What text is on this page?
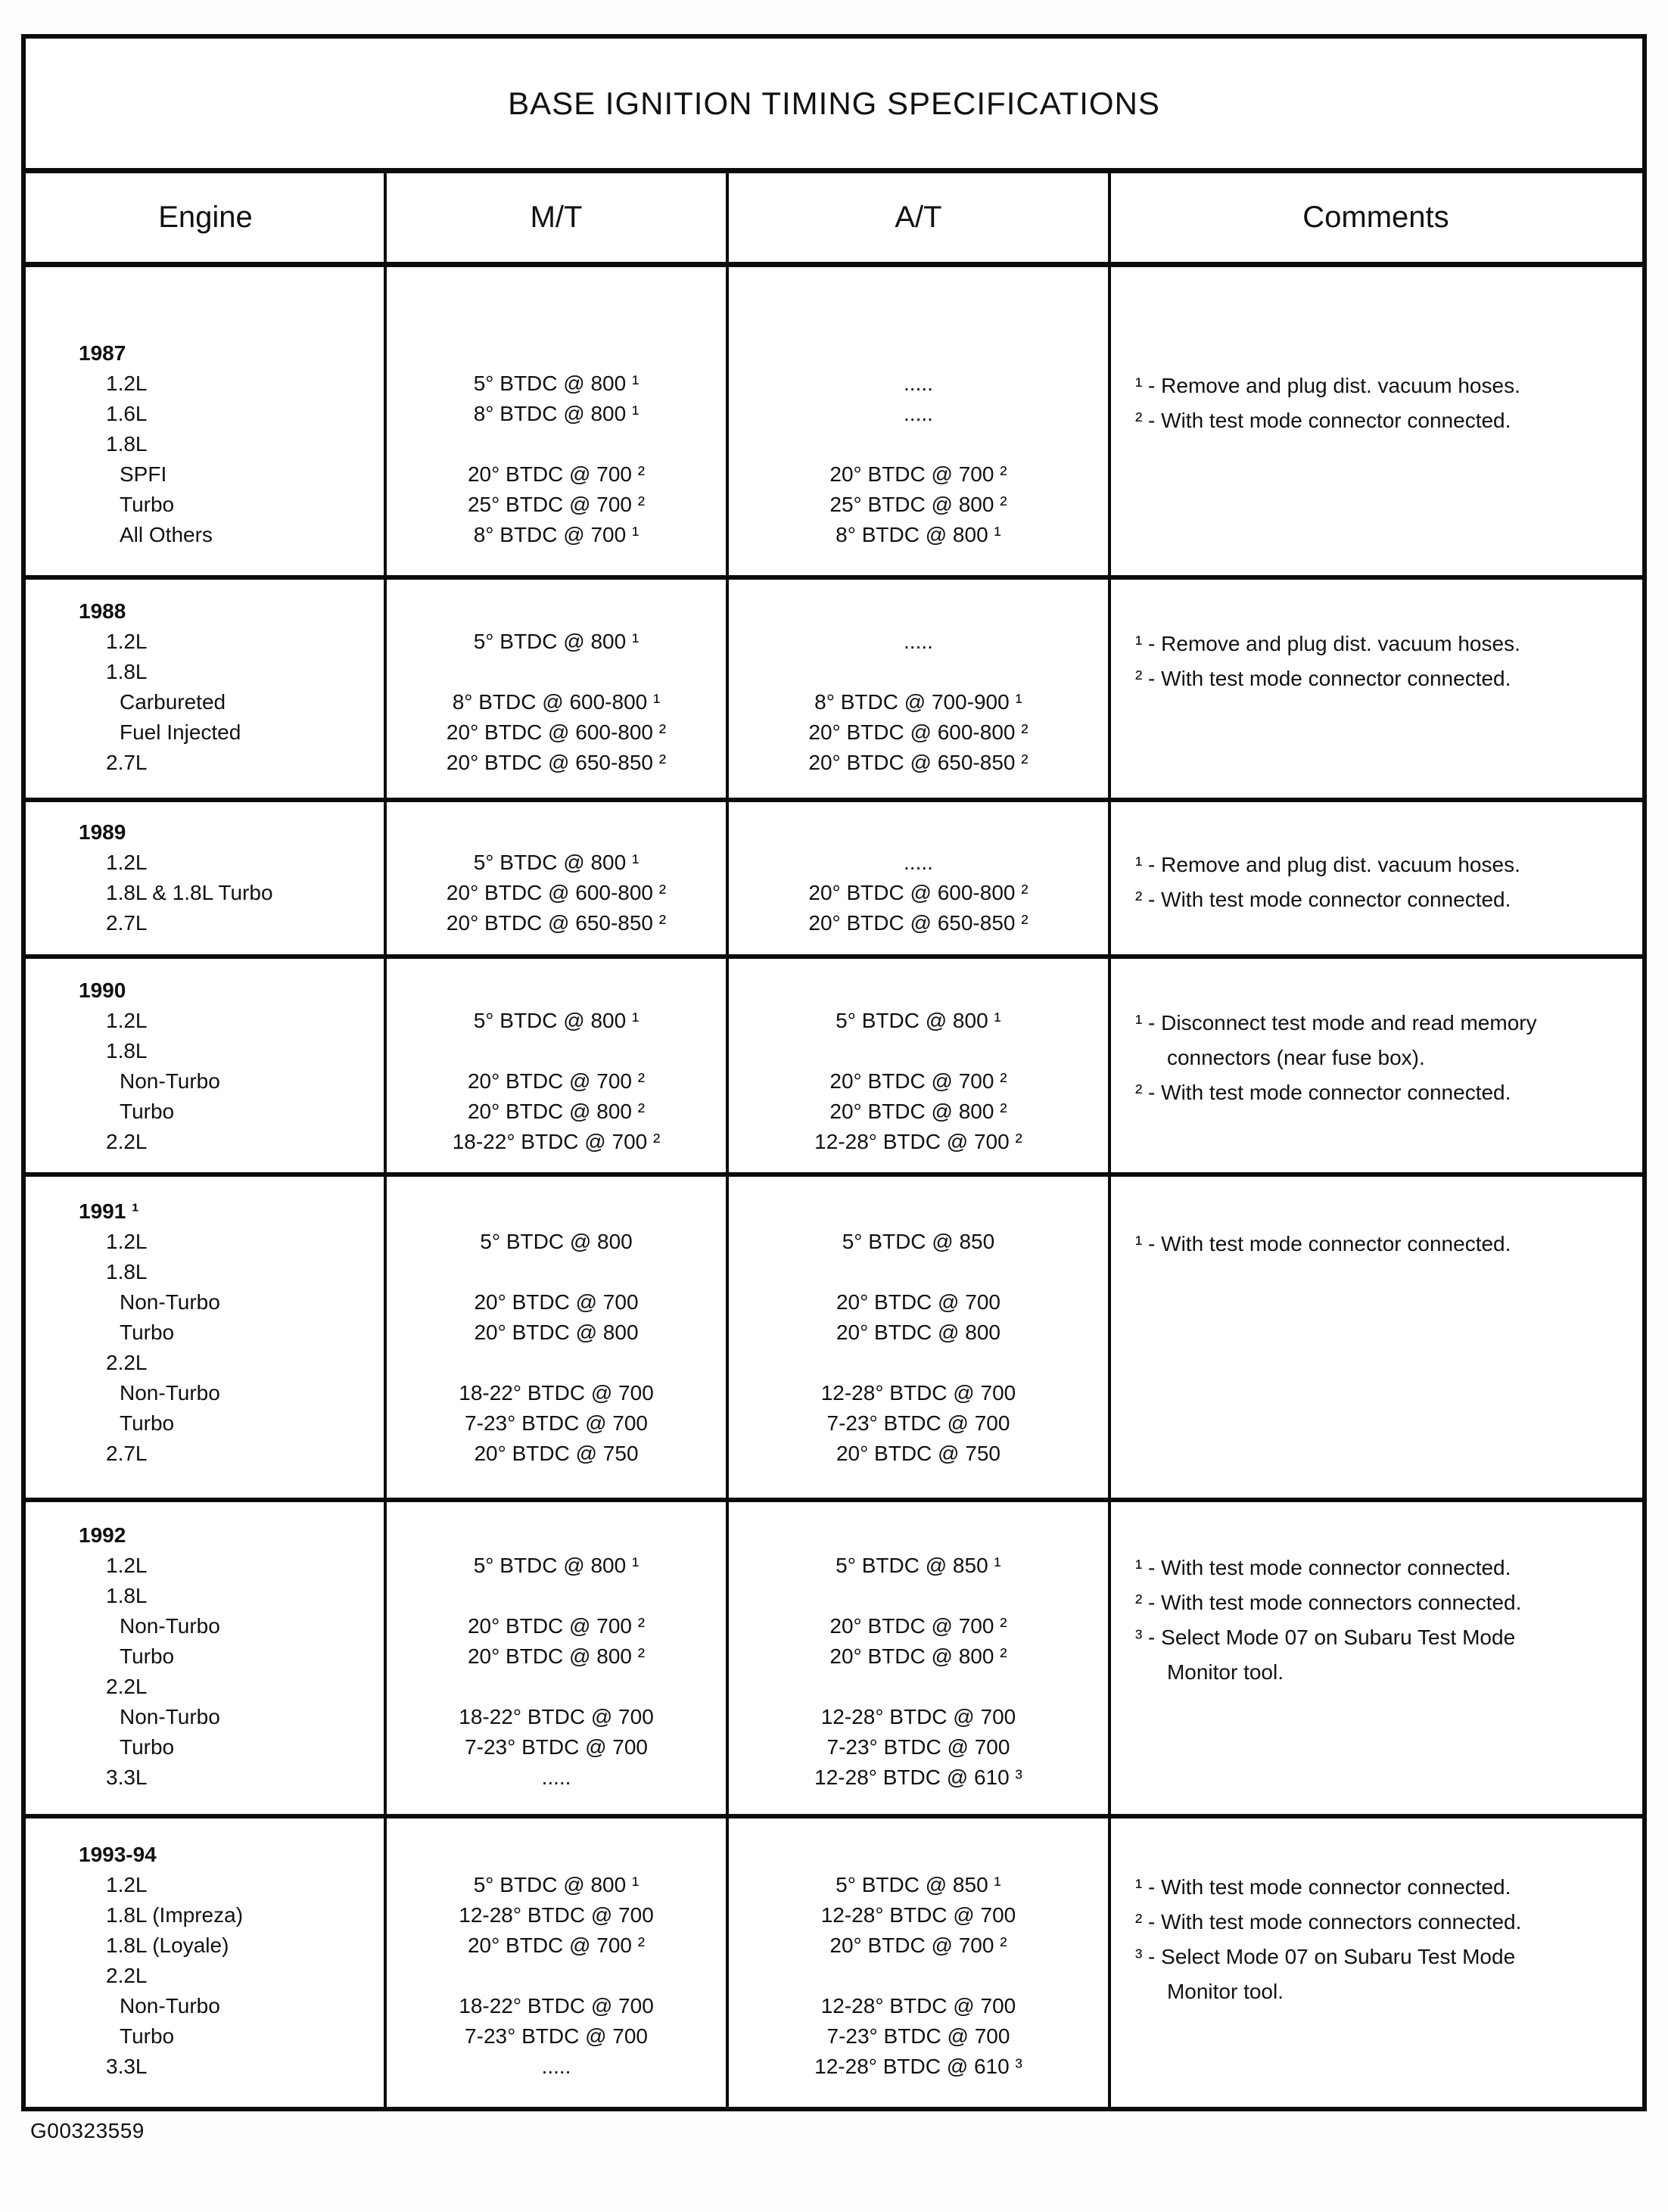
BASE IGNITION TIMING SPECIFICATIONS
Engine	M/T	A/T	Comments
1987
1.2L	5° BTDC @ 800 ¹	.....
1.6L	8° BTDC @ 800 ¹	.....
1.8L
SPFI	20° BTDC @ 700 ²	20° BTDC @ 700 ²
Turbo	25° BTDC @ 700 ²	25° BTDC @ 800 ²
All Others	8° BTDC @ 700 ¹	8° BTDC @ 800 ¹
¹ - Remove and plug dist. vacuum hoses.
² - With test mode connector connected.
1988
1.2L	5° BTDC @ 800 ¹	.....
1.8L
Carbureted	8° BTDC @ 600-800 ¹	8° BTDC @ 700-900 ¹
Fuel Injected	20° BTDC @ 600-800 ²	20° BTDC @ 600-800 ²
2.7L	20° BTDC @ 650-850 ²	20° BTDC @ 650-850 ²
¹ - Remove and plug dist. vacuum hoses.
² - With test mode connector connected.
1989
1.2L	5° BTDC @ 800 ¹	.....
1.8L & 1.8L Turbo	20° BTDC @ 600-800 ²	20° BTDC @ 600-800 ²
2.7L	20° BTDC @ 650-850 ²	20° BTDC @ 650-850 ²
¹ - Remove and plug dist. vacuum hoses.
² - With test mode connector connected.
1990
1.2L	5° BTDC @ 800 ¹	5° BTDC @ 800 ¹
1.8L
Non-Turbo	20° BTDC @ 700 ²	20° BTDC @ 700 ²
Turbo	20° BTDC @ 800 ²	20° BTDC @ 800 ²
2.2L	18-22° BTDC @ 700 ²	12-28° BTDC @ 700 ²
¹ - Disconnect test mode and read memory connectors (near fuse box).
² - With test mode connector connected.
1991 ¹
1.2L	5° BTDC @ 800	5° BTDC @ 850
1.8L
Non-Turbo	20° BTDC @ 700	20° BTDC @ 700
Turbo	20° BTDC @ 800	20° BTDC @ 800
2.2L
Non-Turbo	18-22° BTDC @ 700	12-28° BTDC @ 700
Turbo	7-23° BTDC @ 700	7-23° BTDC @ 700
2.7L	20° BTDC @ 750	20° BTDC @ 750
¹ - With test mode connector connected.
1992
1.2L	5° BTDC @ 800 ¹	5° BTDC @ 850 ¹
1.8L
Non-Turbo	20° BTDC @ 700 ²	20° BTDC @ 700 ²
Turbo	20° BTDC @ 800 ²	20° BTDC @ 800 ²
2.2L
Non-Turbo	18-22° BTDC @ 700	12-28° BTDC @ 700
Turbo	7-23° BTDC @ 700	7-23° BTDC @ 700
3.3L	.....	12-28° BTDC @ 610 ³
¹ - With test mode connector connected.
² - With test mode connectors connected.
³ - Select Mode 07 on Subaru Test Mode Monitor tool.
1993-94
1.2L	5° BTDC @ 800 ¹	5° BTDC @ 850 ¹
1.8L (Impreza)	12-28° BTDC @ 700	12-28° BTDC @ 700
1.8L (Loyale)	20° BTDC @ 700 ²	20° BTDC @ 700 ²
2.2L
Non-Turbo	18-22° BTDC @ 700	12-28° BTDC @ 700
Turbo	7-23° BTDC @ 700	7-23° BTDC @ 700
3.3L	.....	12-28° BTDC @ 610 ³
¹ - With test mode connector connected.
² - With test mode connectors connected.
³ - Select Mode 07 on Subaru Test Mode Monitor tool.
G00323559
